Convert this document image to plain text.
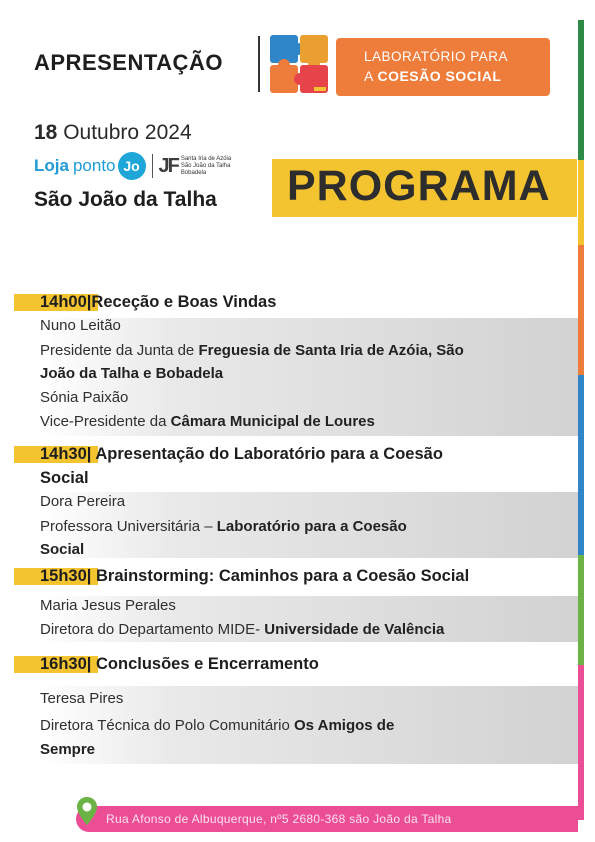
APRESENTAÇÃO	LABORATÓRIO PARA
A COESÃO SOCIAL
18 Outubro 2024
Loja ponto Jo JF Santa Iria de Azóia
São João da Talha
Bobadela
São João da Talha PROGRAMA
14h00|Receção e Boas Vindas
Nuno Leitão
Presidente da Junta de Freguesia de Santa Iria de Azóia, São
João da Talha e Bobadela
Sónia Paixão
Vice-Presidente da Câmara Municipal de Loures
14h30| Apresentação do Laboratório para a Coesão
Social
Dora Pereira
Professora Universitária – Laboratório para a Coesão
Social
15h30| Brainstorming: Caminhos para a Coesão Social
Maria Jesus Perales
Diretora do Departamento MIDE- Universidade de Valência
16h30| Conclusões e Encerramento
Teresa Pires
Diretora Técnica do Polo Comunitário Os Amigos de
Sempre
Rua Afonso de Albuquerque, nº5 2680-368 são João da Talha
